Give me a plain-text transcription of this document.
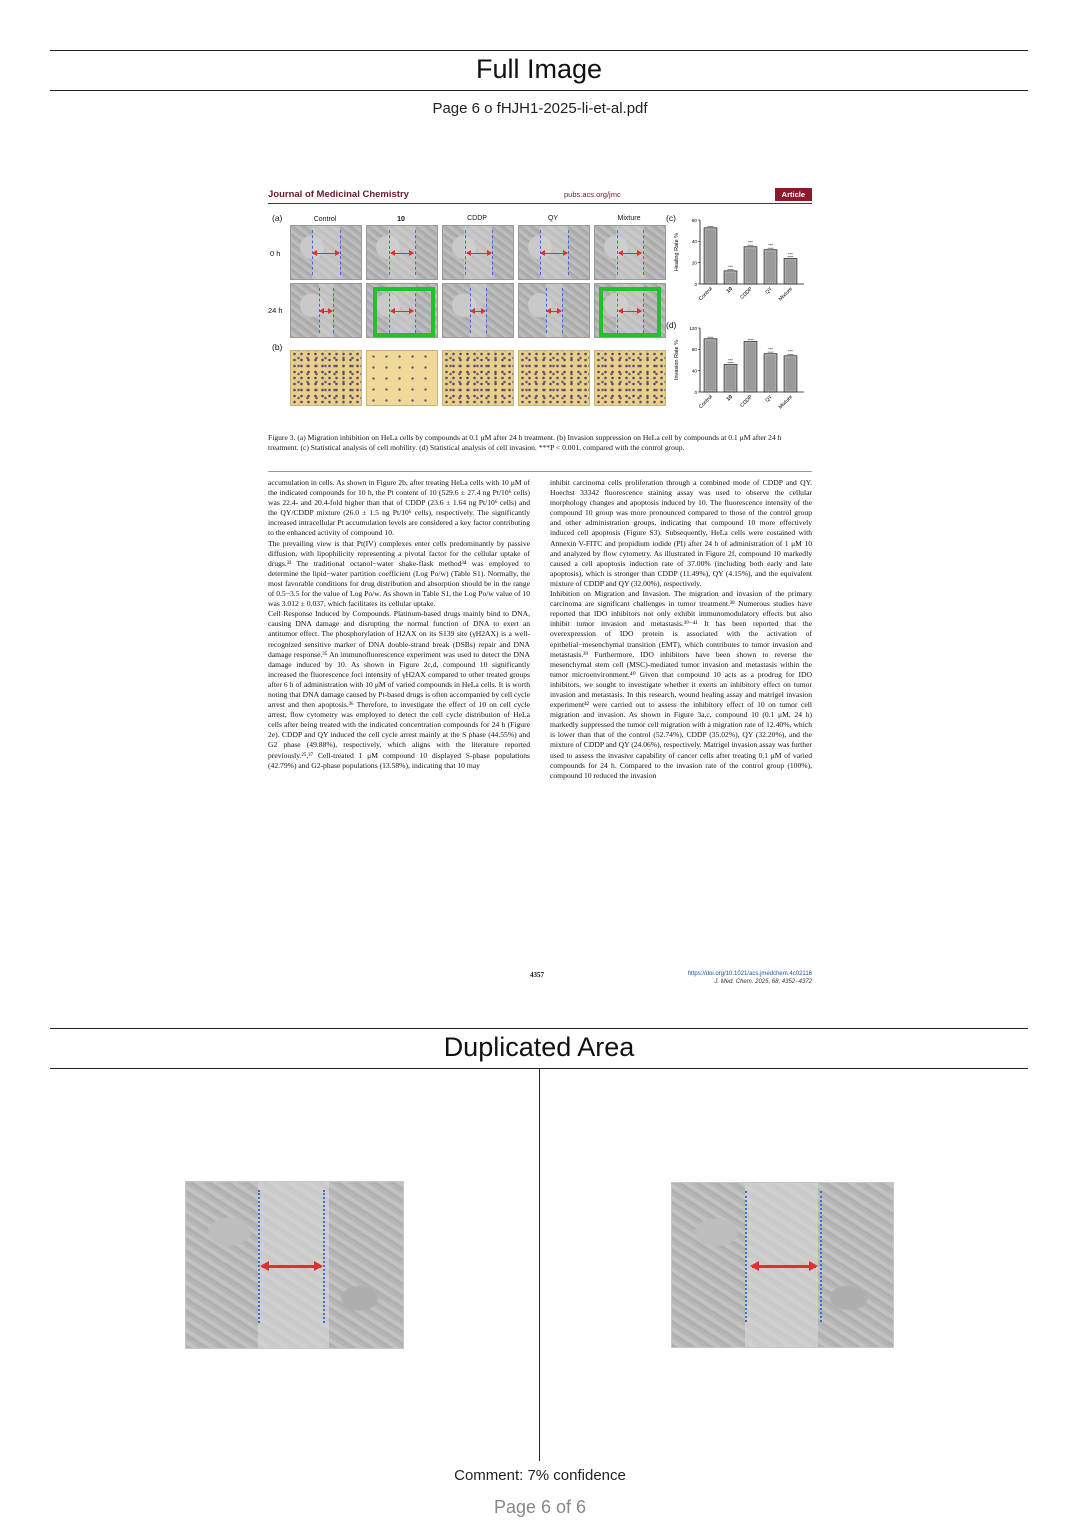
Full Image
Page 6 o fHJH1-2025-li-et-al.pdf
Journal of Medicinal Chemistry	pubs.acs.org/jmc	Article
(a)	Control	10	CDDP	QY	Mixture	(c)
0 h
24 h
(d)
(b)
Healing Rate %
0
20
40
60
Control
***
10
***
CDDP
***
QY
***
Mixture
Invasion Rate %
0
40
80
120
Control
***
10 CDDP
***
QY
***
Mixture
Figure 3. (a) Migration inhibition on HeLa cells by compounds at 0.1 μM after 24 h treatment. (b) Invasion suppression on HeLa cell by compounds at 0.1 μM after 24 h treatment. (c) Statistical analysis of cell mobility. (d) Statistical analysis of cell invasion. ***P < 0.001, compared with the control group.
accumulation in cells. As shown in Figure 2b, after treating HeLa cells with 10 μM of the indicated compounds for 10 h, the Pt content of 10 (529.6 ± 27.4 ng Pt/10⁶ cells) was 22.4- and 20.4-fold higher than that of CDDP (23.6 ± 1.64 ng Pt/10⁶ cells) and the QY/CDDP mixture (26.0 ± 1.5 ng Pt/10⁶ cells), respectively. The significantly increased intracellular Pt accumulation levels are considered a key factor contributing to the enhanced activity of compound 10.
The prevailing view is that Pt(IV) complexes enter cells predominantly by passive diffusion, with lipophilicity representing a pivotal factor for the cellular uptake of drugs.³³ The traditional octanol−water shake-flask method³⁴ was employed to determine the lipid−water partition coefficient (Log Po/w) (Table S1). Normally, the most favorable conditions for drug distribution and absorption should be in the range of 0.5−3.5 for the value of Log Po/w. As shown in Table S1, the Log Po/w value of 10 was 3.012 ± 0.037, which facilitates its cellular uptake.
Cell Response Induced by Compounds. Platinum-based drugs mainly bind to DNA, causing DNA damage and disrupting the normal function of DNA to exert an antitumor effect. The phosphorylation of H2AX on its S139 site (γH2AX) is a well-recognized sensitive marker of DNA double-strand break (DSBs) repair and DNA damage response.³⁵ An immunofluorescence experiment was used to detect the DNA damage induced by 10. As shown in Figure 2c,d, compound 10 significantly increased the fluorescence foci intensity of γH2AX compared to other treated groups after 6 h of administration with 10 μM of varied compounds in HeLa cells. It is worth noting that DNA damage caused by Pt-based drugs is often accompanied by cell cycle arrest and then apoptosis.³⁶ Therefore, to investigate the effect of 10 on cell cycle arrest, flow cytometry was employed to detect the cell cycle distribution of HeLa cells after being treated with the indicated concentration compounds for 24 h (Figure 2e). CDDP and QY induced the cell cycle arrest mainly at the S phase (44.55%) and G2 phase (49.88%), respectively, which aligns with the literature reported previously.²⁵,³⁷ Cell-treated 1 μM compound 10 displayed S-phase populations (42.79%) and G2-phase populations (13.58%), indicating that 10 may
inhibit carcinoma cells proliferation through a combined mode of CDDP and QY. Hoechst 33342 fluorescence staining assay was used to observe the cellular morphology changes and apoptosis induced by 10. The fluorescence intensity of the compound 10 group was more pronounced compared to those of the control group and other administration groups, indicating that compound 10 more effectively induced cell apoptosis (Figure S3). Subsequently, HeLa cells were costained with Annexin V-FITC and propidium iodide (PI) after 24 h of administration of 1 μM 10 and analyzed by flow cytometry. As illustrated in Figure 2f, compound 10 markedly caused a cell apoptosis induction rate of 37.00% (including both early and late apoptosis), which is stronger than CDDP (11.49%), QY (4.15%), and the equivalent mixture of CDDP and QY (32.00%), respectively.
Inhibition on Migration and Invasion. The migration and invasion of the primary carcinoma are significant challenges in tumor treatment.³⁸ Numerous studies have reported that IDO inhibitors not only exhibit immunomodulatory effects but also inhibit tumor invasion and metastasis.³⁹⁻⁴¹ It has been reported that the overexpression of IDO protein is associated with the activation of epithelial−mesenchymal transition (EMT), which contributes to tumor invasion and metastasis.³⁹ Furthermore, IDO inhibitors have been shown to reverse the mesenchymal stem cell (MSC)-mediated tumor invasion and metastasis within the tumor microenvironment.⁴⁰ Given that compound 10 acts as a prodrug for IDO inhibitors, we sought to investigate whether it exerts an inhibitory effect on tumor invasion and metastasis. In this research, wound healing assay and matrigel invasion experiment⁴² were carried out to assess the inhibitory effect of 10 on tumor cell migration and invasion. As shown in Figure 3a,c, compound 10 (0.1 μM, 24 h) markedly suppressed the tumor cell migration with a migration rate of 12.40%, which is lower than that of the control (52.74%), CDDP (35.02%), QY (32.20%), and the mixture of CDDP and QY (24.06%), respectively. Matrigel invasion assay was further used to assess the invasive capability of cancer cells after treating 0.1 μM of varied compounds for 24 h. Compared to the invasion rate of the control group (100%), compound 10 reduced the invasion
4357	https://doi.org/10.1021/acs.jmedchem.4c02116
J. Med. Chem. 2025, 68, 4352−4372
Duplicated Area
Comment: 7% confidence
Page 6 of 6
